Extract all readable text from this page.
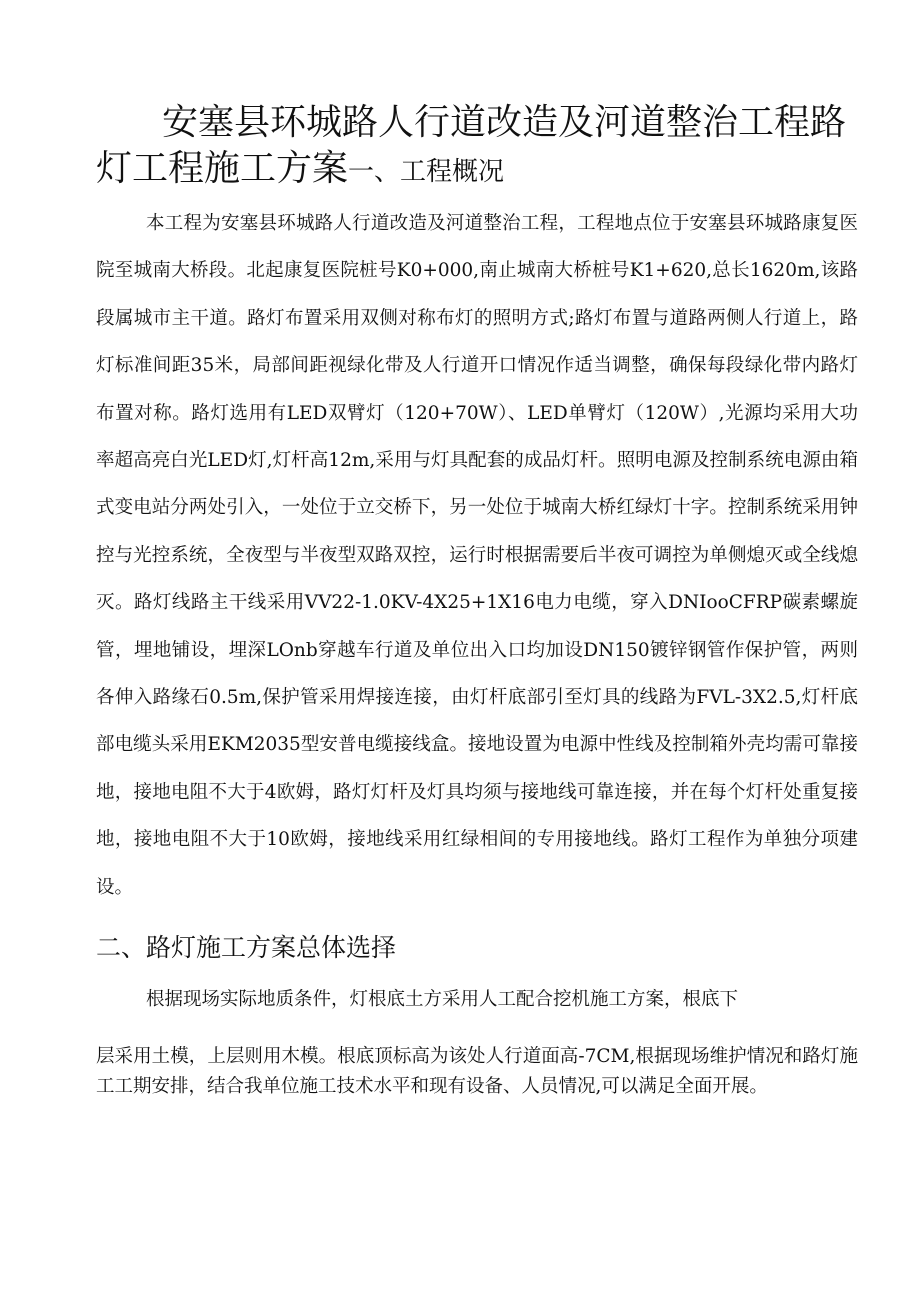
安塞县环城路人行道改造及河道整治工程路灯工程施工方案一、工程概况

本工程为安塞县环城路人行道改造及河道整治工程，工程地点位于安塞县环城路康复医院至城南大桥段。北起康复医院桩号K0+000,南止城南大桥桩号K1+620,总长1620m,该路段属城市主干道。路灯布置采用双侧对称布灯的照明方式;路灯布置与道路两侧人行道上，路灯标准间距35米，局部间距视绿化带及人行道开口情况作适当调整，确保每段绿化带内路灯布置对称。路灯选用有LED双臂灯（120+70W）、LED单臂灯（120W）,光源均采用大功率超高亮白光LED灯,灯杆高12m,采用与灯具配套的成品灯杆。照明电源及控制系统电源由箱式变电站分两处引入，一处位于立交桥下，另一处位于城南大桥红绿灯十字。控制系统采用钟控与光控系统，全夜型与半夜型双路双控，运行时根据需要后半夜可调控为单侧熄灭或全线熄灭。路灯线路主干线采用VV22-1.0KV-4X25+1X16电力电缆，穿入DNIooCFRP碳素螺旋管，埋地铺设，埋深LOnb穿越车行道及单位出入口均加设DN150镀锌钢管作保护管，两则各伸入路缘石0.5m,保护管采用焊接连接，由灯杆底部引至灯具的线路为FVL-3X2.5,灯杆底部电缆头采用EKM2035型安普电缆接线盒。接地设置为电源中性线及控制箱外壳均需可靠接地，接地电阻不大于4欧姆，路灯灯杆及灯具均须与接地线可靠连接，并在每个灯杆处重复接地，接地电阻不大于10欧姆，接地线采用红绿相间的专用接地线。路灯工程作为单独分项建设。

二、路灯施工方案总体选择

根据现场实际地质条件，灯根底土方采用人工配合挖机施工方案，根底下

层采用土模，上层则用木模。根底顶标高为该处人行道面高-7CM,根据现场维护情况和路灯施工工期安排，结合我单位施工技术水平和现有设备、人员情况,可以满足全面开展。
